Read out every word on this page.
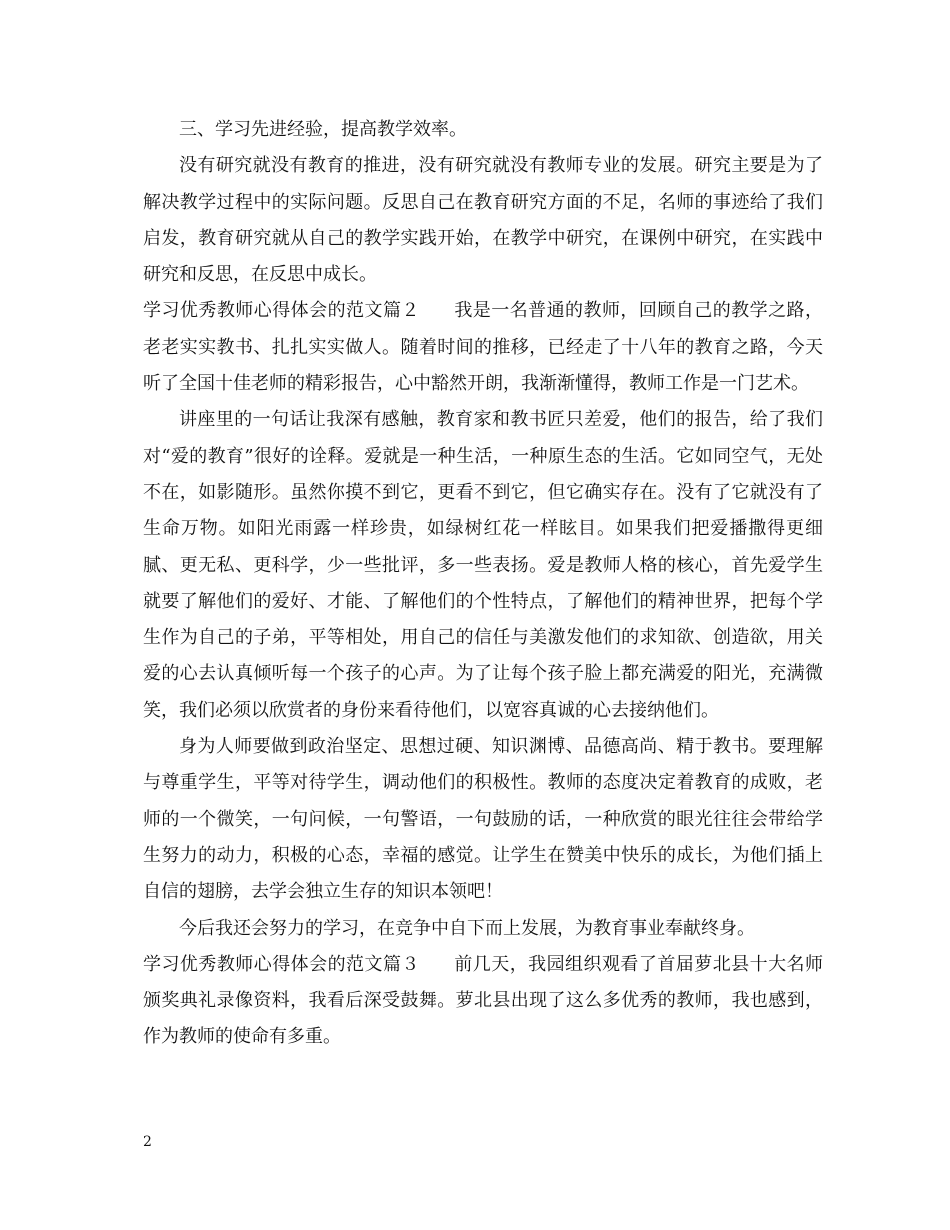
三、学习先进经验，提高教学效率。

没有研究就没有教育的推进，没有研究就没有教师专业的发展。研究主要是为了解决教学过程中的实际问题。反思自己在教育研究方面的不足，名师的事迹给了我们启发，教育研究就从自己的教学实践开始，在教学中研究，在课例中研究，在实践中研究和反思，在反思中成长。

学习优秀教师心得体会的范文篇２ 我是一名普通的教师，回顾自己的教学之路，老老实实教书、扎扎实实做人。随着时间的推移，已经走了十八年的教育之路，今天听了全国十佳老师的精彩报告，心中豁然开朗，我渐渐懂得，教师工作是一门艺术。

讲座里的一句话让我深有感触，教育家和教书匠只差爱，他们的报告，给了我们对“爱的教育”很好的诠释。爱就是一种生活，一种原生态的生活。它如同空气，无处不在，如影随形。虽然你摸不到它，更看不到它，但它确实存在。没有了它就没有了生命万物。如阳光雨露一样珍贵，如绿树红花一样眩目。如果我们把爱播撒得更细腻、更无私、更科学，少一些批评，多一些表扬。爱是教师人格的核心，首先爱学生就要了解他们的爱好、才能、了解他们的个性特点，了解他们的精神世界，把每个学生作为自己的子弟，平等相处，用自己的信任与美激发他们的求知欲、创造欲，用关爱的心去认真倾听每一个孩子的心声。为了让每个孩子脸上都充满爱的阳光，充满微笑，我们必须以欣赏者的身份来看待他们，以宽容真诚的心去接纳他们。

身为人师要做到政治坚定、思想过硬、知识渊博、品德高尚、精于教书。要理解与尊重学生，平等对待学生，调动他们的积极性。教师的态度决定着教育的成败，老师的一个微笑，一句问候，一句警语，一句鼓励的话，一种欣赏的眼光往往会带给学生努力的动力，积极的心态，幸福的感觉。让学生在赞美中快乐的成长，为他们插上自信的翅膀，去学会独立生存的知识本领吧！

今后我还会努力的学习，在竞争中自下而上发展，为教育事业奉献终身。

学习优秀教师心得体会的范文篇３ 前几天，我园组织观看了首届萝北县十大名师颁奖典礼录像资料，我看后深受鼓舞。萝北县出现了这么多优秀的教师，我也感到，作为教师的使命有多重。

2
